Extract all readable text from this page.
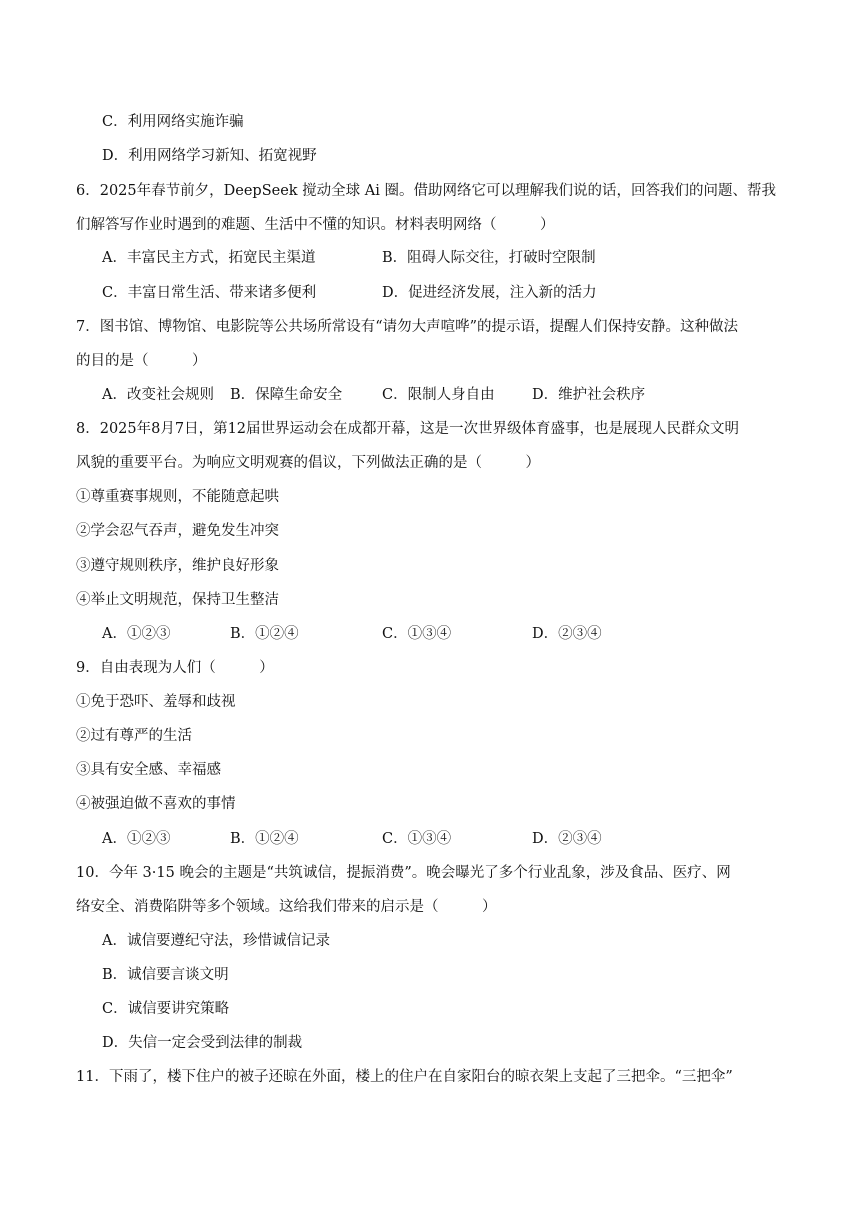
C．利用网络实施诈骗
D．利用网络学习新知、拓宽视野
6．2025年春节前夕，DeepSeek 搅动全球 Ai 圈。借助网络它可以理解我们说的话，回答我们的问题、帮我
们解答写作业时遇到的难题、生活中不懂的知识。材料表明网络（　　　）
A．丰富民主方式，拓宽民主渠道	B．阻碍人际交往，打破时空限制
C．丰富日常生活、带来诸多便利	D．促进经济发展，注入新的活力
7．图书馆、博物馆、电影院等公共场所常设有“请勿大声喧哗”的提示语，提醒人们保持安静。这种做法
的目的是（　　　）
A．改变社会规则 B．保障生命安全	C．限制人身自由	D．维护社会秩序
8．2025年8月7日，第12届世界运动会在成都开幕，这是一次世界级体育盛事，也是展现人民群众文明
风貌的重要平台。为响应文明观赛的倡议，下列做法正确的是（　　　）
①尊重赛事规则，不能随意起哄
②学会忍气吞声，避免发生冲突
③遵守规则秩序，维护良好形象
④举止文明规范，保持卫生整洁
A．①②③	B．①②④	C．①③④	D．②③④
9．自由表现为人们（　　　）
①免于恐吓、羞辱和歧视
②过有尊严的生活
③具有安全感、幸福感
④被强迫做不喜欢的事情
A．①②③	B．①②④	C．①③④	D．②③④
10．今年 3·15 晚会的主题是“共筑诚信，提振消费”。晚会曝光了多个行业乱象，涉及食品、医疗、网
络安全、消费陷阱等多个领域。这给我们带来的启示是（　　　）
A．诚信要遵纪守法，珍惜诚信记录
B．诚信要言谈文明
C．诚信要讲究策略
D．失信一定会受到法律的制裁
11．下雨了，楼下住户的被子还晾在外面，楼上的住户在自家阳台的晾衣架上支起了三把伞。“三把伞”
